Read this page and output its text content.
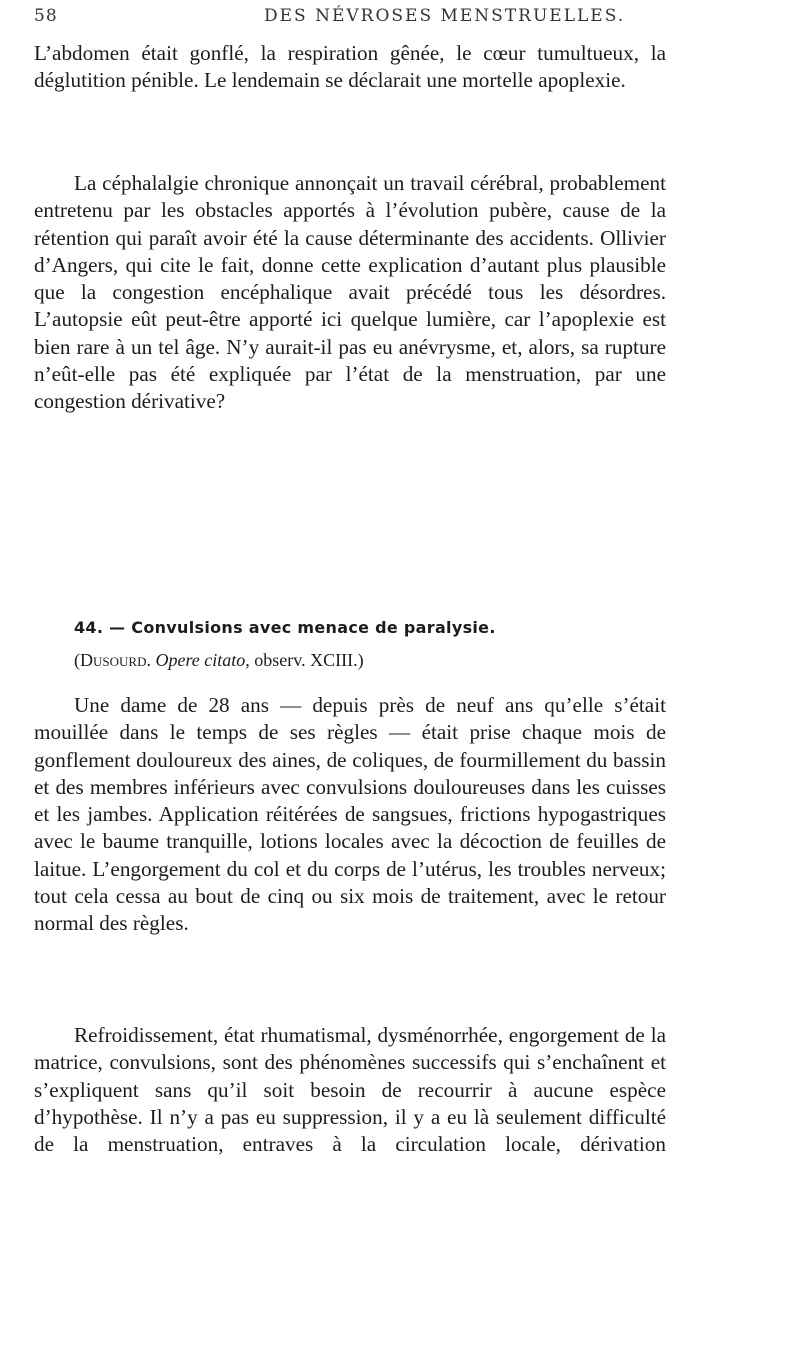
58	DES NÉVROSES MENSTRUELLES.

L’abdomen était gonflé, la respiration gênée, le cœur tumultueux, la déglutition pénible. Le lendemain se déclarait une mortelle apoplexie.

La céphalalgie chronique annonçait un travail cérébral, probablement entretenu par les obstacles apportés à l’évolution pubère, cause de la rétention qui paraît avoir été la cause déterminante des accidents. Ollivier d’Angers, qui cite le fait, donne cette explication d’autant plus plausible que la congestion encéphalique avait précédé tous les désordres. L’autopsie eût peut-être apporté ici quelque lumière, car l’apoplexie est bien rare à un tel âge. N’y aurait-il pas eu anévrysme, et, alors, sa rupture n’eût-elle pas été expliquée par l’état de la menstruation, par une congestion dérivative?

44. — Convulsions avec menace de paralysie.
(Dusourd. Opere citato, observ. XCIII.)

Une dame de 28 ans — depuis près de neuf ans qu’elle s’était mouillée dans le temps de ses règles — était prise chaque mois de gonflement douloureux des aines, de coliques, de fourmillement du bassin et des membres inférieurs avec convulsions douloureuses dans les cuisses et les jambes. Application réitérées de sangsues, frictions hypogastriques avec le baume tranquille, lotions locales avec la décoction de feuilles de laitue. L’engorgement du col et du corps de l’utérus, les troubles nerveux; tout cela cessa au bout de cinq ou six mois de traitement, avec le retour normal des règles.

Refroidissement, état rhumatismal, dysménorrhée, engorgement de la matrice, convulsions, sont des phénomènes successifs qui s’enchaînent et s’expliquent sans qu’il soit besoin de recourrir à aucune espèce d’hypothèse. Il n’y a pas eu suppression, il y a eu là seulement difficulté de la menstruation, entraves à la circulation locale, dérivation
